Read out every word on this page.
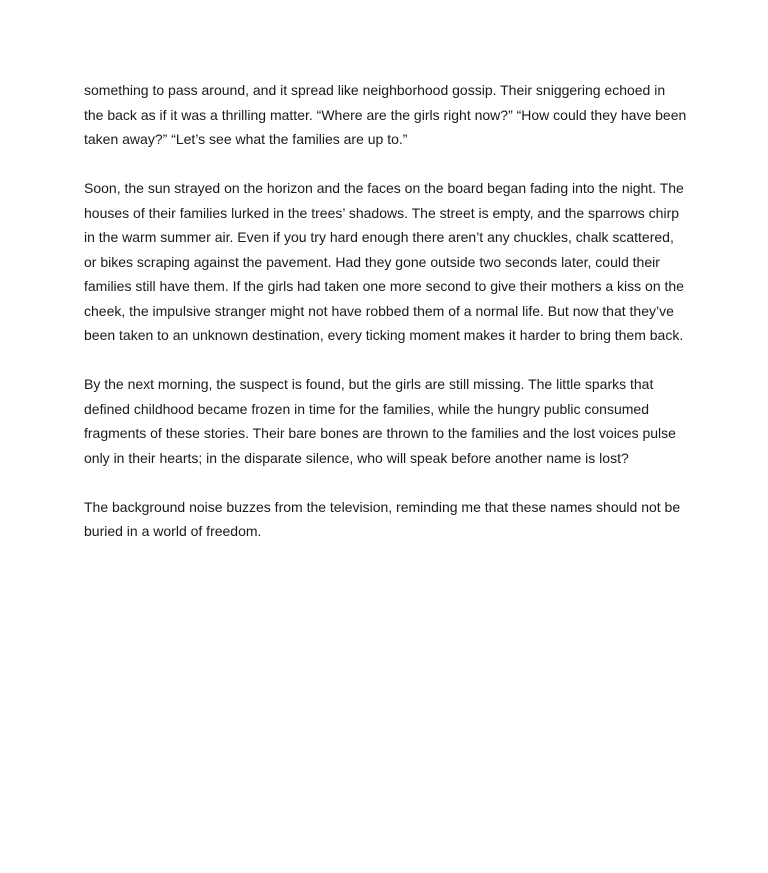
something to pass around, and it spread like neighborhood gossip. Their sniggering echoed in the back as if it was a thrilling matter. “Where are the girls right now?” “How could they have been taken away?” “Let’s see what the families are up to.”

Soon, the sun strayed on the horizon and the faces on the board began fading into the night. The houses of their families lurked in the trees’ shadows. The street is empty, and the sparrows chirp in the warm summer air. Even if you try hard enough there aren’t any chuckles, chalk scattered, or bikes scraping against the pavement. Had they gone outside two seconds later, could their families still have them. If the girls had taken one more second to give their mothers a kiss on the cheek, the impulsive stranger might not have robbed them of a normal life. But now that they’ve been taken to an unknown destination, every ticking moment makes it harder to bring them back.

By the next morning, the suspect is found, but the girls are still missing. The little sparks that defined childhood became frozen in time for the families, while the hungry public consumed fragments of these stories. Their bare bones are thrown to the families and the lost voices pulse only in their hearts; in the disparate silence, who will speak before another name is lost?

The background noise buzzes from the television, reminding me that these names should not be buried in a world of freedom.
